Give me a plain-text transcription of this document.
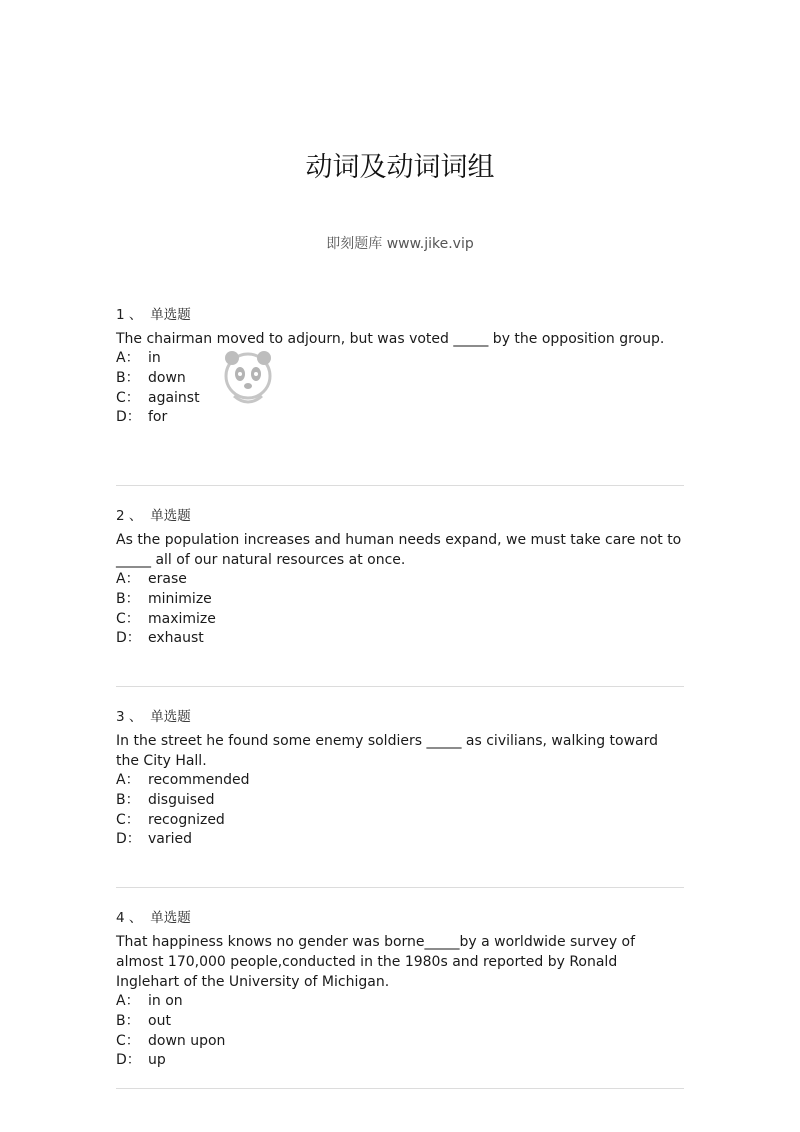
动词及动词词组
即刻题库 www.jike.vip
1 、 单选题
The chairman moved to adjourn, but was voted _____ by the opposition group.
A： in
B： down
C： against
D： for
2 、 单选题
As the population increases and human needs expand, we must take care not to _____ all of our natural resources at once.
A： erase
B： minimize
C： maximize
D： exhaust
3 、 单选题
In the street he found some enemy soldiers _____ as civilians, walking toward the City Hall.
A： recommended
B： disguised
C： recognized
D： varied
4 、 单选题
That happiness knows no gender was borne_____by a worldwide survey of almost 170,000 people,conducted in the 1980s and reported by Ronald Inglehart of the University of Michigan.
A： in on
B： out
C： down upon
D： up
